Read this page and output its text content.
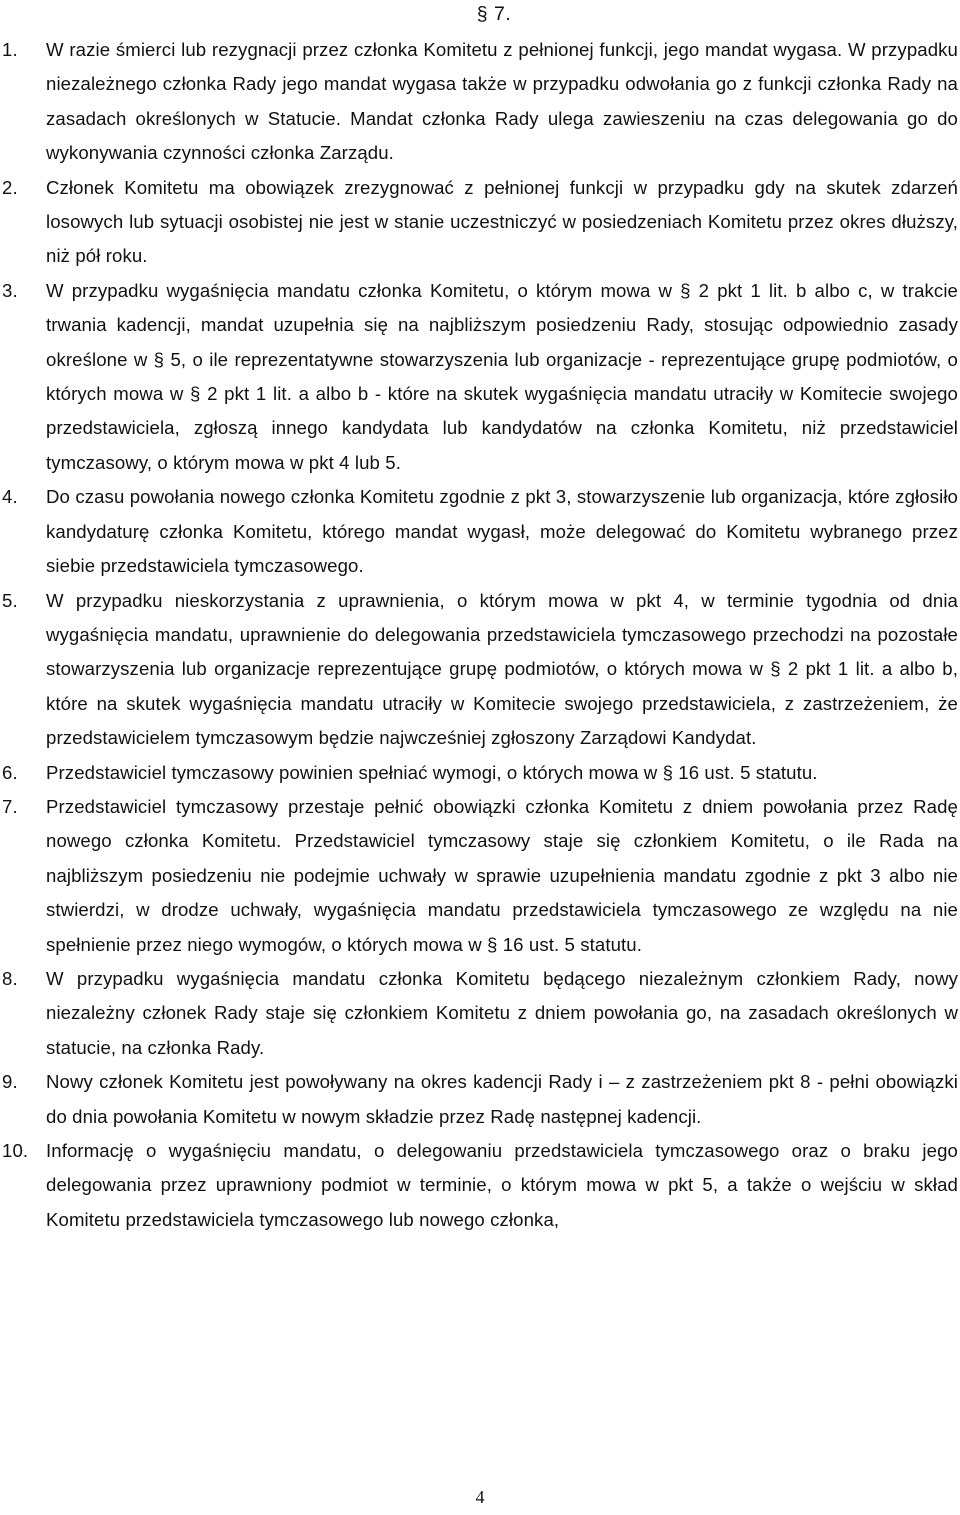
§ 7.
1.	W razie śmierci lub rezygnacji przez członka Komitetu z pełnionej funkcji, jego mandat wygasa. W przypadku niezależnego członka Rady jego mandat wygasa także w przypadku odwołania go z funkcji członka Rady na zasadach określonych w Statucie. Mandat członka Rady ulega zawieszeniu na czas delegowania go do wykonywania czynności członka Zarządu.
2.	Członek Komitetu ma obowiązek zrezygnować z pełnionej funkcji w przypadku gdy na skutek zdarzeń losowych lub sytuacji osobistej nie jest w stanie uczestniczyć w posiedzeniach Komitetu przez okres dłuższy, niż pół roku.
3.	W przypadku wygaśnięcia mandatu członka Komitetu, o którym mowa w § 2 pkt 1 lit. b albo c, w trakcie trwania kadencji, mandat uzupełnia się na najbliższym posiedzeniu Rady, stosując odpowiednio zasady określone w § 5, o ile reprezentatywne stowarzyszenia lub organizacje - reprezentujące grupę podmiotów, o których mowa w § 2 pkt 1 lit. a albo b - które na skutek wygaśnięcia mandatu utraciły w Komitecie swojego przedstawiciela, zgłoszą innego kandydata lub kandydatów na członka Komitetu, niż przedstawiciel tymczasowy, o którym mowa w pkt 4 lub 5.
4.	Do czasu powołania nowego członka Komitetu zgodnie z pkt 3, stowarzyszenie lub organizacja, które zgłosiło kandydaturę członka Komitetu, którego mandat wygasł, może delegować do Komitetu wybranego przez siebie przedstawiciela tymczasowego.
5.	W przypadku nieskorzystania z uprawnienia, o którym mowa w pkt 4, w terminie tygodnia od dnia wygaśnięcia mandatu, uprawnienie do delegowania przedstawiciela tymczasowego przechodzi na pozostałe stowarzyszenia lub organizacje reprezentujące grupę podmiotów, o których mowa w § 2 pkt 1 lit. a albo b, które na skutek wygaśnięcia mandatu utraciły w Komitecie swojego przedstawiciela, z zastrzeżeniem, że przedstawicielem tymczasowym będzie najwcześniej zgłoszony Zarządowi Kandydat.
6.	Przedstawiciel tymczasowy powinien spełniać wymogi, o których mowa w § 16 ust. 5 statutu.
7.	Przedstawiciel tymczasowy przestaje pełnić obowiązki członka Komitetu z dniem powołania przez Radę nowego członka Komitetu. Przedstawiciel tymczasowy staje się członkiem Komitetu, o ile Rada na najbliższym posiedzeniu nie podejmie uchwały w sprawie uzupełnienia mandatu zgodnie z pkt 3 albo nie stwierdzi, w drodze uchwały, wygaśnięcia mandatu przedstawiciela tymczasowego ze względu na nie spełnienie przez niego wymogów, o których mowa w § 16 ust. 5 statutu.
8.	W przypadku wygaśnięcia mandatu członka Komitetu będącego niezależnym członkiem Rady, nowy niezależny członek Rady staje się członkiem Komitetu z dniem powołania go, na zasadach określonych w statucie, na członka Rady.
9.	Nowy członek Komitetu jest powoływany na okres kadencji Rady i – z zastrzeżeniem pkt 8 - pełni obowiązki do dnia powołania Komitetu w nowym składzie przez Radę następnej kadencji.
10. Informację o wygaśnięciu mandatu, o delegowaniu przedstawiciela tymczasowego oraz o braku jego delegowania przez uprawniony podmiot w terminie, o którym mowa w pkt 5, a także o wejściu w skład Komitetu przedstawiciela tymczasowego lub nowego członka,
4
